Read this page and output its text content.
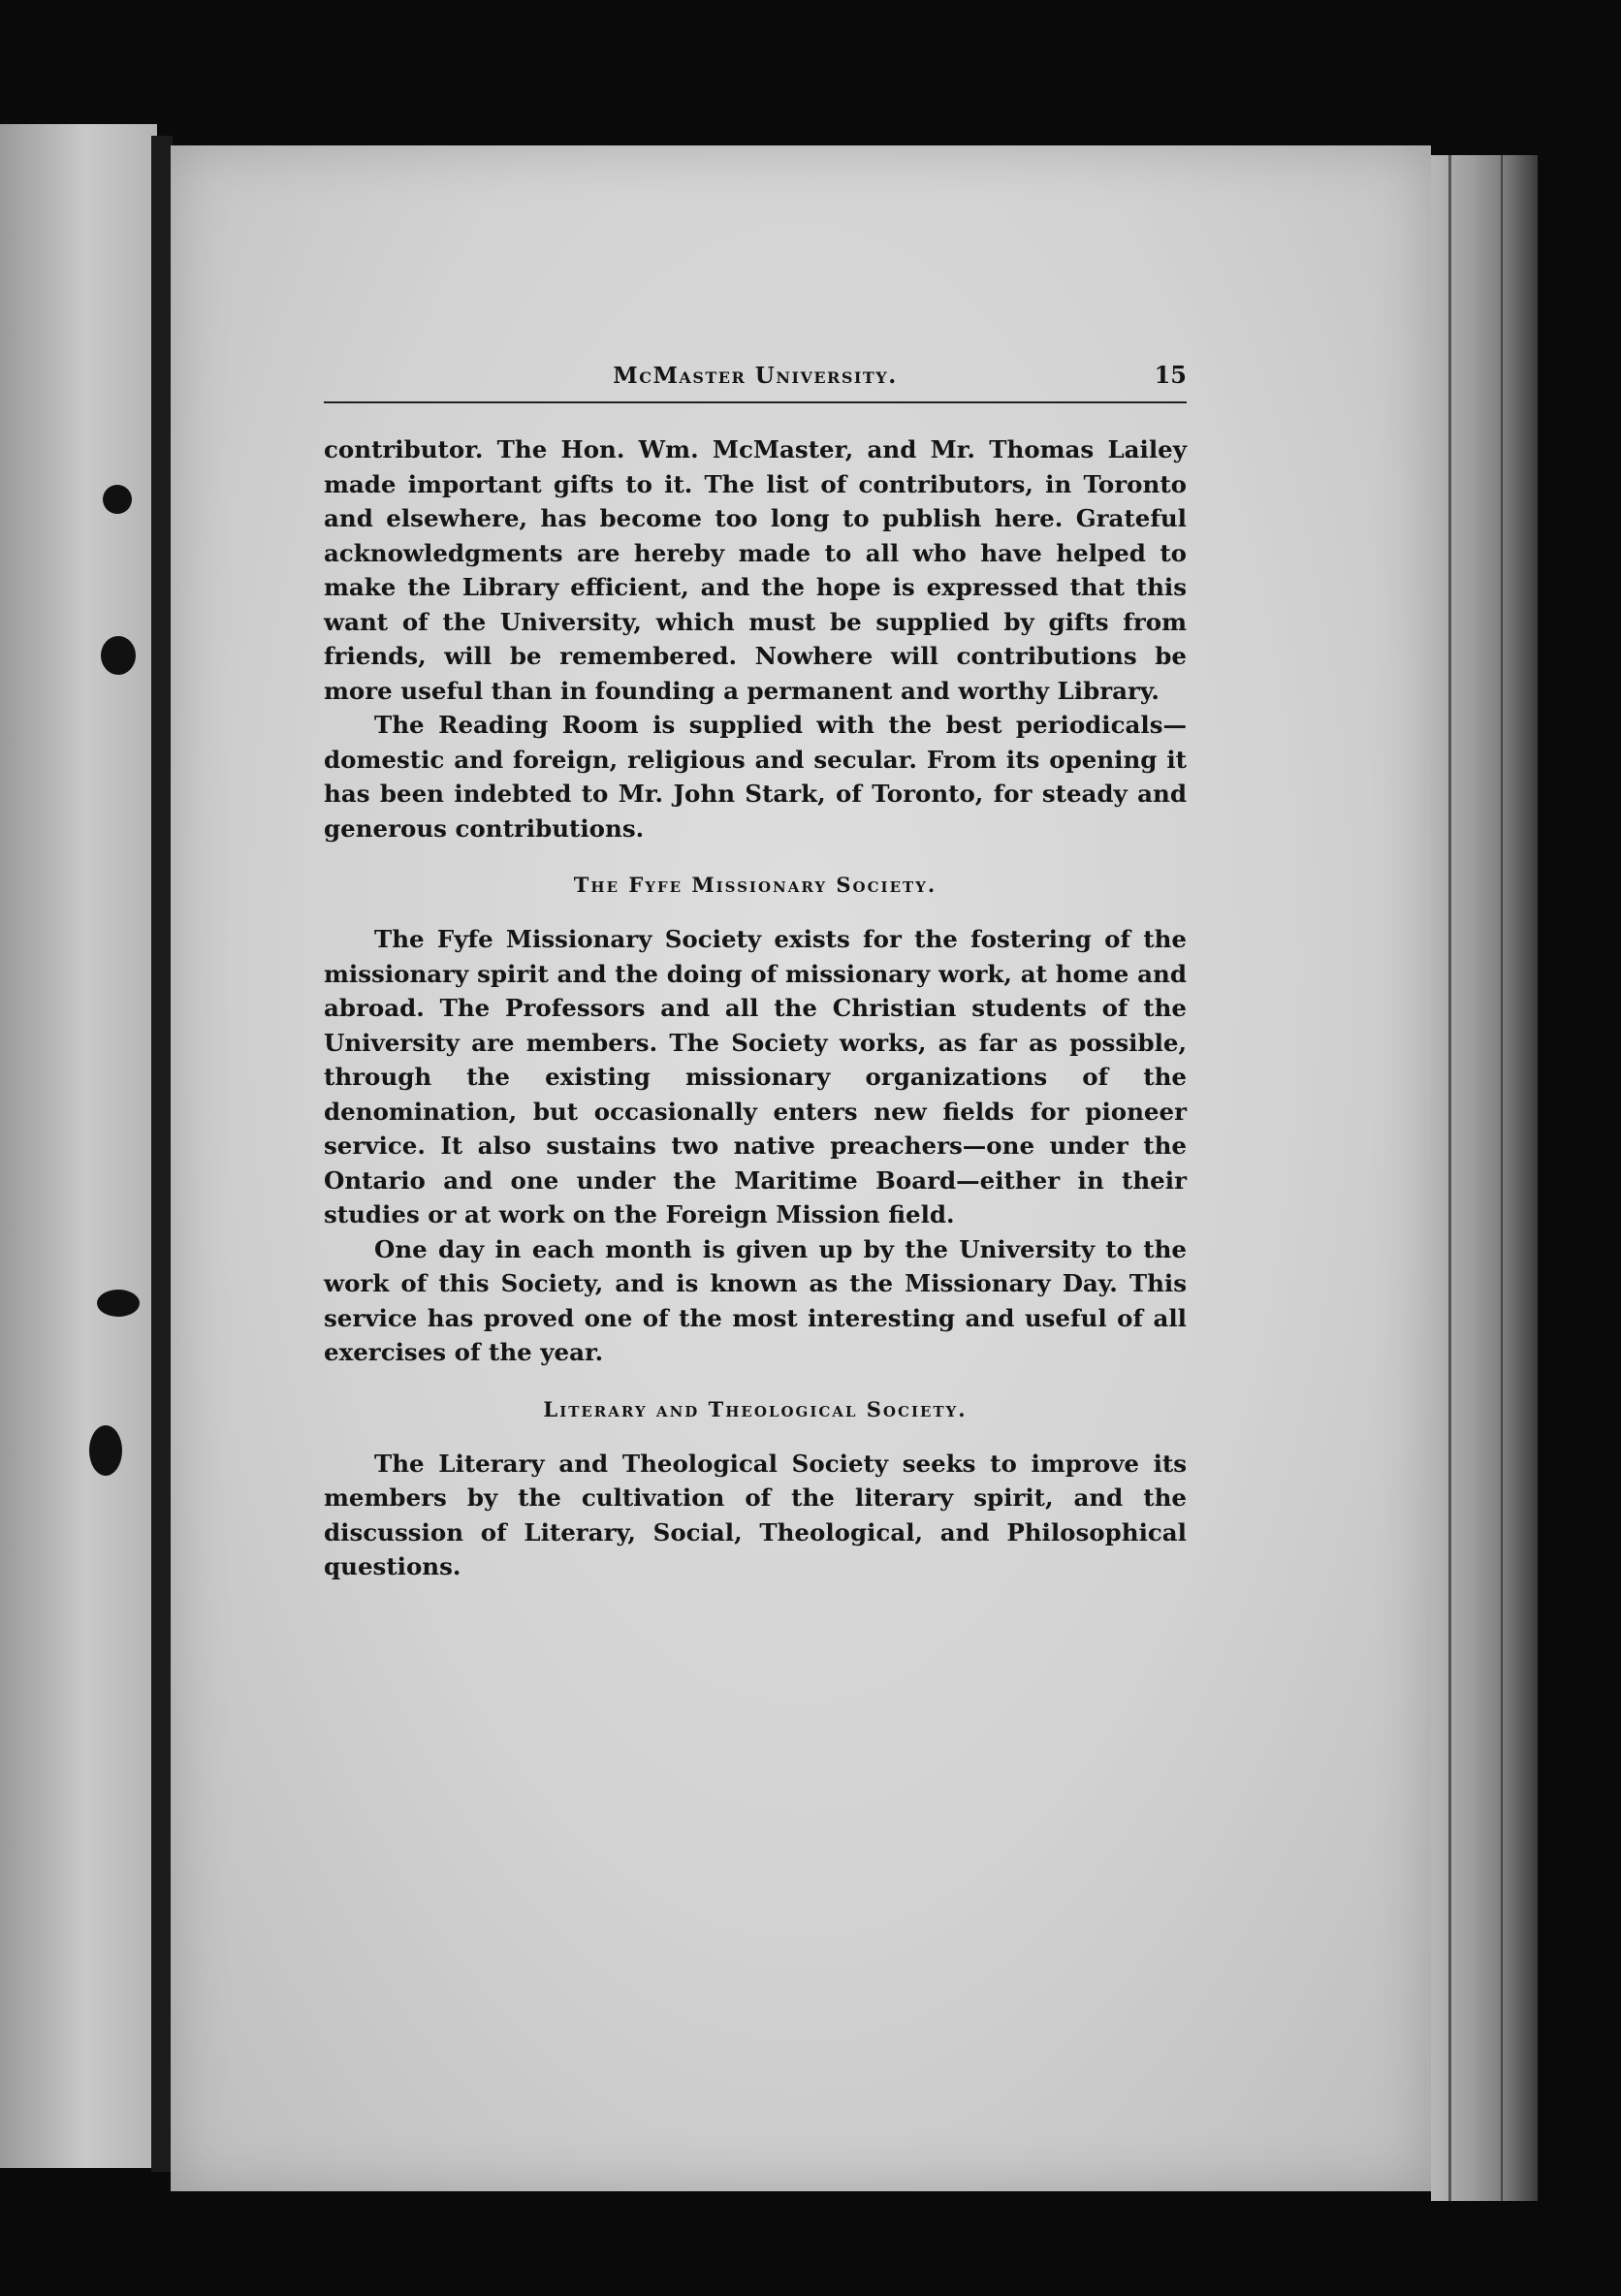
McMaster University.	15

contributor. The Hon. Wm. McMaster, and Mr. Thomas Lailey made important gifts to it. The list of contributors, in Toronto and elsewhere, has become too long to publish here. Grateful acknowledgments are hereby made to all who have helped to make the Library efficient, and the hope is expressed that this want of the University, which must be supplied by gifts from friends, will be remembered. Nowhere will contributions be more useful than in founding a permanent and worthy Library.

The Reading Room is supplied with the best periodicals—domestic and foreign, religious and secular. From its opening it has been indebted to Mr. John Stark, of Toronto, for steady and generous contributions.

The Fyfe Missionary Society.

The Fyfe Missionary Society exists for the fostering of the missionary spirit and the doing of missionary work, at home and abroad. The Professors and all the Christian students of the University are members. The Society works, as far as possible, through the existing missionary organizations of the denomination, but occasionally enters new fields for pioneer service. It also sustains two native preachers—one under the Ontario and one under the Maritime Board—either in their studies or at work on the Foreign Mission field.

One day in each month is given up by the University to the work of this Society, and is known as the Missionary Day. This service has proved one of the most interesting and useful of all exercises of the year.

Literary and Theological Society.

The Literary and Theological Society seeks to improve its members by the cultivation of the literary spirit, and the discussion of Literary, Social, Theological, and Philosophical questions.
